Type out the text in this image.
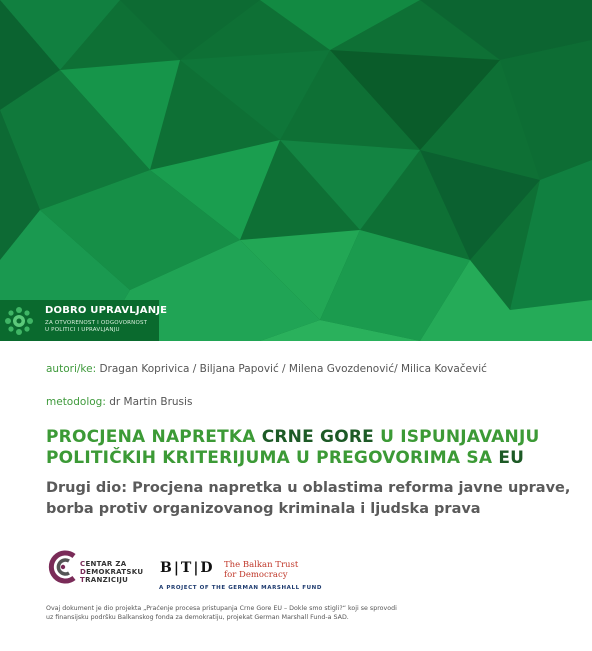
DOBRO UPRAVLJANJE
ZA OTVORENOST I ODGOVORNOST
U POLITICI I UPRAVLJANJU
autori/ke: Dragan Koprivica / Biljana Papović / Milena Gvozdenović/ Milica Kovačević
metodolog: dr Martin Brusis
PROCJENA NAPRETKA CRNE GORE U ISPUNJAVANJU
POLITIČKIH KRITERIJUMA U PREGOVORIMA SA EU
Drugi dio: Procjena napretka u oblastima reforma javne uprave,
borba protiv organizovanog kriminala i ljudska prava
CENTAR ZA
DEMOKRATSKU
TRANZICIJU
B|T|D The Balkan Trust
for Democracy
A PROJECT OF THE GERMAN MARSHALL FUND
Ovaj dokument je dio projekta „Praćenje procesa pristupanja Crne Gore EU – Dokle smo stigli?“ koji se sprovodi
uz finansijsku podršku Balkanskog fonda za demokratiju, projekat German Marshall Fund-a SAD.
